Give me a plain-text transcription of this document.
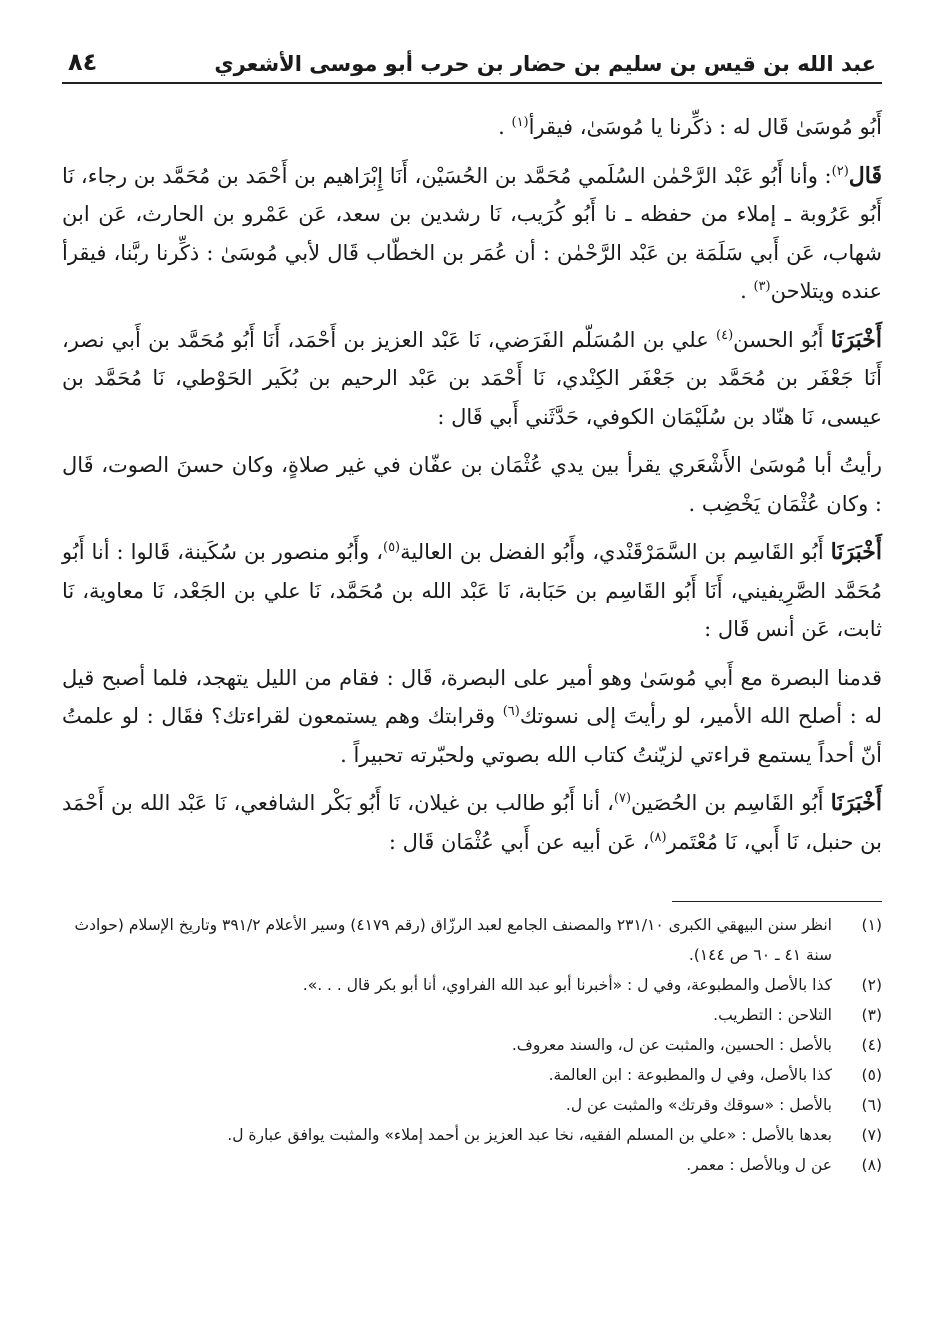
عبد الله بن قيس بن سليم بن حضار بن حرب أبو موسى الأشعري
٨٤

أَبُو مُوسَىٰ قَال له : ذكِّرنا يا مُوسَىٰ، فيقرأ$^{(١)}$ .

قَال$^{(٢)}$: وأنا أَبُو عَبْد الرَّحْمٰن السُلَمي مُحَمَّد بن الحُسَيْن، أَنَا إِبْرَاهيم بن أَحْمَد بن مُحَمَّد بن رجاء، نَا أَبُو عَرُوبة ـ إملاء من حفظه ـ نا أَبُو كُرَيب، نَا رشدين بن سعد، عَن عَمْرو بن الحارث، عَن ابن شهاب، عَن أَبي سَلَمَة بن عَبْد الرَّحْمٰن : أن عُمَر بن الخطّاب قَال لأبي مُوسَىٰ : ذكِّرنا ربَّنا، فيقرأ عنده ويتلاحن$^{(٣)}$ .

أَخْبَرَنَا أَبُو الحسن$^{(٤)}$ علي بن المُسَلّم الفَرَضي، نَا عَبْد العزيز بن أَحْمَد، أَنَا أَبُو مُحَمَّد بن أَبي نصر، أَنَا جَعْفَر بن مُحَمَّد بن جَعْفَر الكِنْدي، نَا أَحْمَد بن عَبْد الرحيم بن بُكَير الحَوْطي، نَا مُحَمَّد بن عيسى، نَا هنّاد بن سُلَيْمَان الكوفي، حَدَّثَني أَبي قَال :

رأيتُ أبا مُوسَىٰ الأَشْعَري يقرأ بين يدي عُثْمَان بن عفّان في غير صلاةٍ، وكان حسنَ الصوت، قَال : وكان عُثْمَان يَخْضِب .

أَخْبَرَنَا أَبُو القَاسِم بن السَّمَرْقَنْدي، وأَبُو الفضل بن العالية$^{(٥)}$، وأَبُو منصور بن سُكَينة، قَالوا : أنا أَبُو مُحَمَّد الصَّرِيفيني، أَنَا أَبُو القَاسِم بن حَبَابة، نَا عَبْد الله بن مُحَمَّد، نَا علي بن الجَعْد، نَا معاوية، نَا ثابت، عَن أنس قَال :

قدمنا البصرة مع أَبي مُوسَىٰ وهو أمير على البصرة، قَال : فقام من الليل يتهجد، فلما أصبح قيل له : أصلح الله الأمير، لو رأيتَ إلى نسوتك$^{(٦)}$ وقرابتك وهم يستمعون لقراءتك؟ فقَال : لو علمتُ أنّ أحداً يستمع قراءتي لزيّنتُ كتاب الله بصوتي ولحبّرته تحبيراً .

أَخْبَرَنَا أَبُو القَاسِم بن الحُصَين$^{(٧)}$، أنا أَبُو طالب بن غيلان، نَا أَبُو بَكْر الشافعي، نَا عَبْد الله بن أَحْمَد بن حنبل، نَا أَبي، نَا مُعْتَمر$^{(٨)}$، عَن أبيه عن أَبي عُثْمَان قَال :

(١)
انظر سنن البيهقي الكبرى ٢٣١/١٠ والمصنف الجامع لعبد الرزّاق (رقم ٤١٧٩) وسير الأعلام ٣٩١/٢ وتاريخ الإسلام (حوادث سنة ٤١ ـ ٦٠ ص ١٤٤).
(٢)
كذا بالأصل والمطبوعة، وفي ل : «أخبرنا أبو عبد الله الفراوي، أنا أبو بكر قال . . .».
(٣)
التلاحن : التطريب.
(٤)
بالأصل : الحسين، والمثبت عن ل، والسند معروف.
(٥)
كذا بالأصل، وفي ل والمطبوعة : ابن العالمة.
(٦)
بالأصل : «سوقك وقرتك» والمثبت عن ل.
(٧)
بعدها بالأصل : «علي بن المسلم الفقيه، نخا عبد العزيز بن أحمد إملاء» والمثبت يوافق عبارة ل.
(٨)
عن ل وبالأصل : معمر.
